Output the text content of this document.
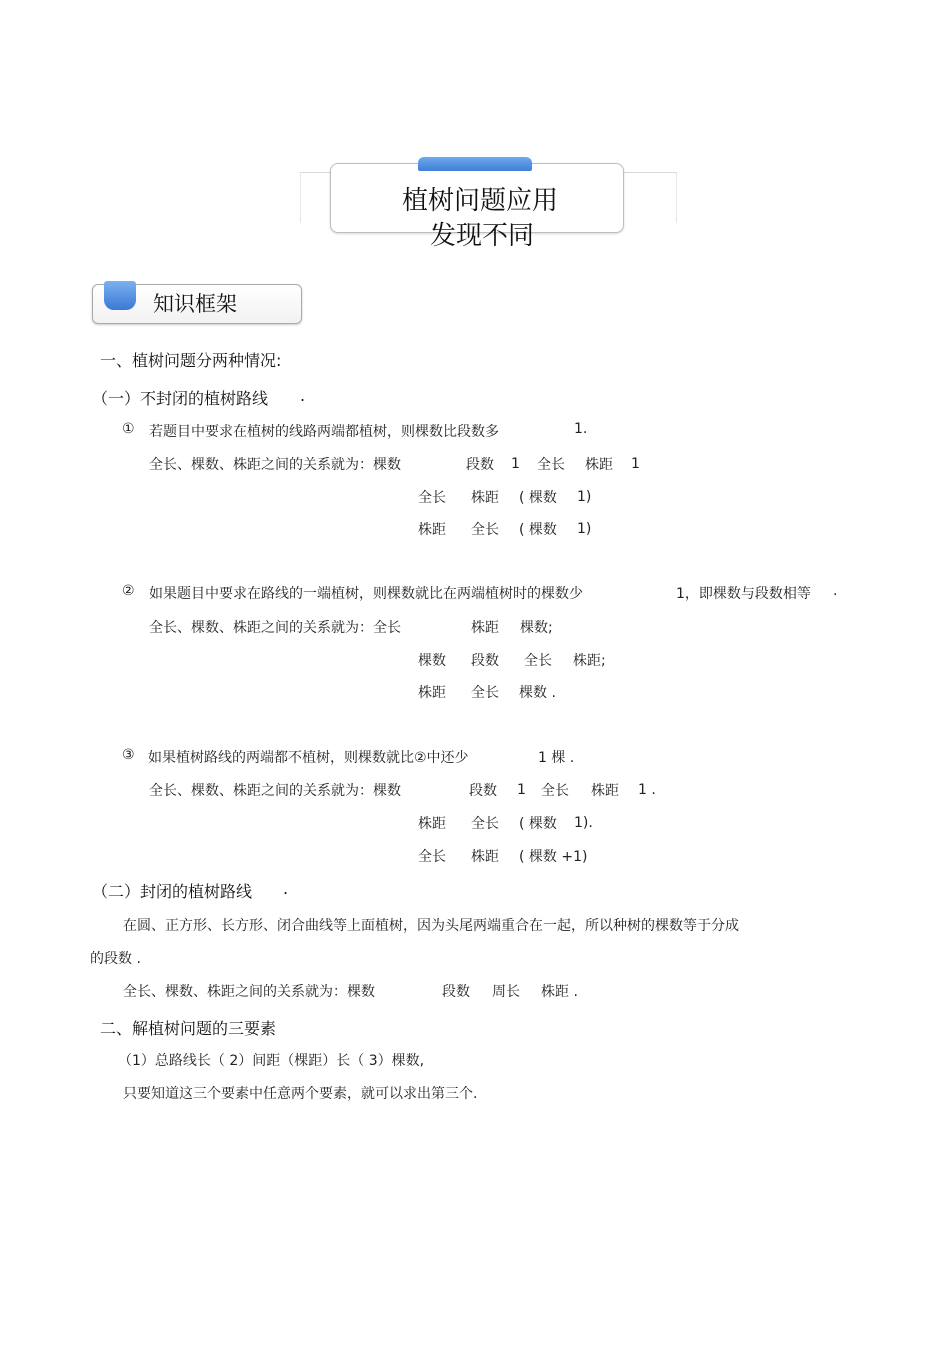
植树问题应用
发现不同
知识框架
一、植树问题分两种情况:
（一）不封闭的植树路线 .
① 若题目中要求在植树的线路两端都植树，则棵数比段数多	1.
全长、棵数、株距之间的关系就为：棵数	段数 1 全长 株距 1
全长 株距 ( 棵数 1)
株距 全长 ( 棵数 1)
② 如果题目中要求在路线的一端植树，则棵数就比在两端植树时的棵数少	1，即棵数与段数相等 .
全长、棵数、株距之间的关系就为：全长	株距 棵数;
棵数 段数 全长 株距;
株距 全长 棵数 .
③ 如果植树路线的两端都不植树，则棵数就比②中还少	1 棵 .
全长、棵数、株距之间的关系就为：棵数	段数 1 全长 株距 1 .
株距 全长 ( 棵数 1).
全长 株距 ( 棵数 +1)
（二）封闭的植树路线 .
在圆、正方形、长方形、闭合曲线等上面植树，因为头尾两端重合在一起，所以种树的棵数等于分成
的段数 .
全长、棵数、株距之间的关系就为：棵数	段数 周长 株距 .
二、解植树问题的三要素
（1）总路线长（ 2）间距（棵距）长（ 3）棵数,
只要知道这三个要素中任意两个要素，就可以求出第三个.
